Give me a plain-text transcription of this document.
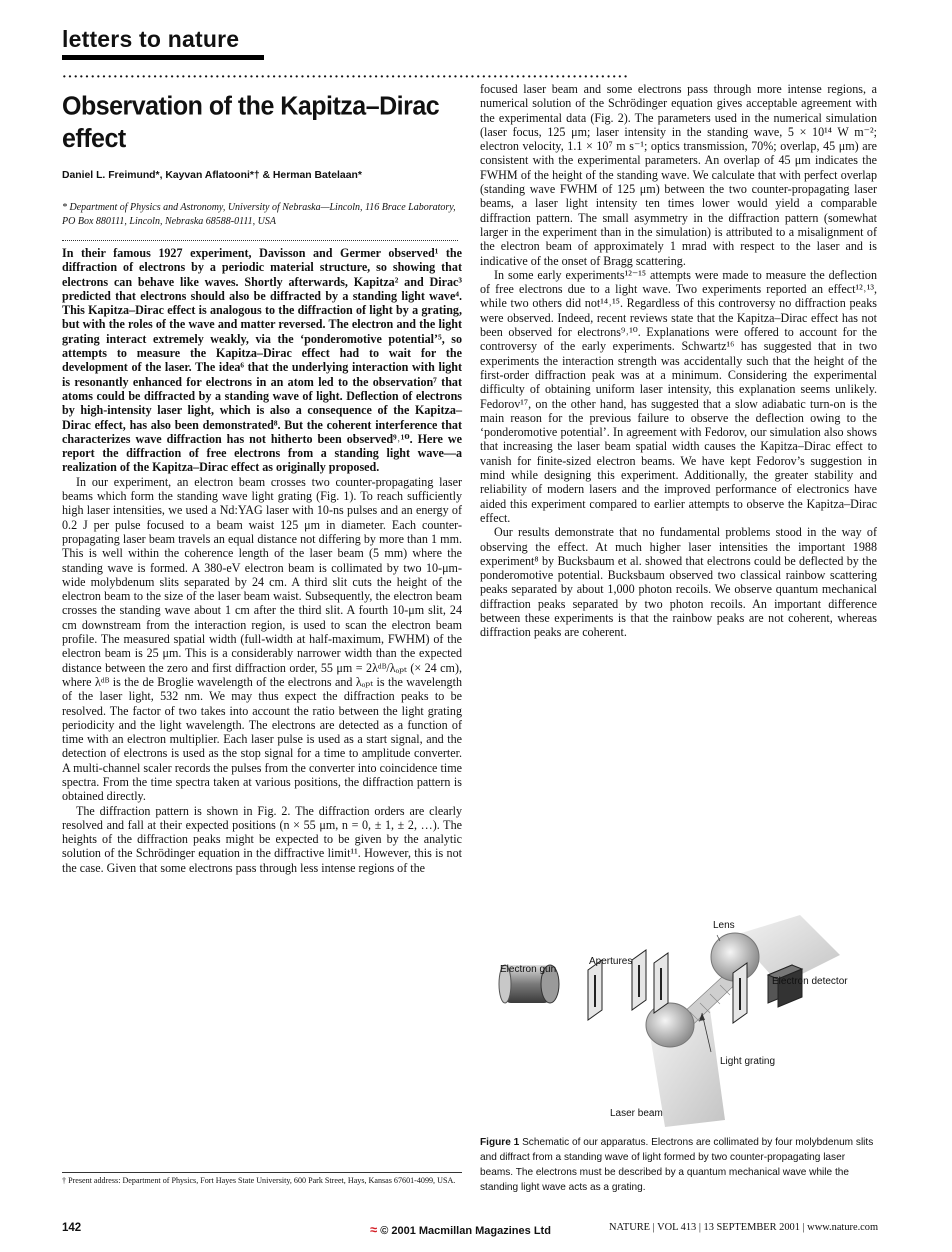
letters to nature
····································································································
Observation of the Kapitza–Dirac effect
Daniel L. Freimund*, Kayvan Aflatooni*† & Herman Batelaan*
* Department of Physics and Astronomy, University of Nebraska—Lincoln, 116 Brace Laboratory, PO Box 880111, Lincoln, Nebraska 68588-0111, USA

In their famous 1927 experiment, Davisson and Germer observed¹ the diffraction of electrons by a periodic material structure, so showing that electrons can behave like waves. Shortly afterwards, Kapitza² and Dirac³ predicted that electrons should also be diffracted by a standing light wave⁴. This Kapitza–Dirac effect is analogous to the diffraction of light by a grating, but with the roles of the wave and matter reversed. The electron and the light grating interact extremely weakly, via the ‘ponderomotive potential’⁵, so attempts to measure the Kapitza–Dirac effect had to wait for the development of the laser. The idea⁶ that the underlying interaction with light is resonantly enhanced for electrons in an atom led to the observation⁷ that atoms could be diffracted by a standing wave of light. Deflection of electrons by high-intensity laser light, which is also a consequence of the Kapitza–Dirac effect, has also been demonstrated⁸. But the coherent interference that characterizes wave diffraction has not hitherto been observed⁹˒¹⁰. Here we report the diffraction of free electrons from a standing light wave—a realization of the Kapitza–Dirac effect as originally proposed.

In our experiment, an electron beam crosses two counter-propagating laser beams which form the standing wave light grating (Fig. 1). To reach sufficiently high laser intensities, we used a Nd:YAG laser with 10-ns pulses and an energy of 0.2 J per pulse focused to a beam waist 125 μm in diameter. Each counter-propagating laser beam travels an equal distance not differing by more than 1 mm. This is well within the coherence length of the laser beam (5 mm) where the standing wave is formed. A 380-eV electron beam is collimated by two 10-μm-wide molybdenum slits separated by 24 cm. A third slit cuts the height of the electron beam to the size of the laser beam waist. Subsequently, the electron beam crosses the standing wave about 1 cm after the third slit. A fourth 10-μm slit, 24 cm downstream from the interaction region, is used to scan the electron beam profile. The measured spatial width (full-width at half-maximum, FWHM) of the electron beam is 25 μm. This is a considerably narrower width than the expected distance between the zero and first diffraction order, 55 μm = 2λᵈᴮ/λₒₚₜ (× 24 cm), where λᵈᴮ is the de Broglie wavelength of the electrons and λₒₚₜ is the wavelength of the laser light, 532 nm. We may thus expect the diffraction peaks to be resolved. The factor of two takes into account the ratio between the light grating periodicity and the light wavelength. The electrons are detected as a function of time with an electron multiplier. Each laser pulse is used as a start signal, and the detection of electrons is used as the stop signal for a time to amplitude converter. A multi-channel scaler records the pulses from the converter into coincidence time spectra. From the time spectra taken at various positions, the diffraction pattern is obtained directly.

The diffraction pattern is shown in Fig. 2. The diffraction orders are clearly resolved and fall at their expected positions (n × 55 μm, n = 0, ± 1, ± 2, …). The heights of the diffraction peaks might be expected to be given by the analytic solution of the Schrödinger equation in the diffractive limit¹¹. However, this is not the case. Given that some electrons pass through less intense regions of the

focused laser beam and some electrons pass through more intense regions, a numerical solution of the Schrödinger equation gives acceptable agreement with the experimental data (Fig. 2). The parameters used in the numerical simulation (laser focus, 125 μm; laser intensity in the standing wave, 5 × 10¹⁴ W m⁻²; electron velocity, 1.1 × 10⁷ m s⁻¹; optics transmission, 70%; overlap, 45 μm) are consistent with the experimental parameters. An overlap of 45 μm indicates the FWHM of the height of the standing wave. We calculate that with perfect overlap (standing wave FWHM of 125 μm) between the two counter-propagating laser beams, a laser light intensity ten times lower would yield a comparable diffraction pattern. The small asymmetry in the diffraction pattern (somewhat larger in the experiment than in the simulation) is attributed to a misalignment of the electron beam of approximately 1 mrad with respect to the laser and is indicative of the onset of Bragg scattering.

In some early experiments¹²⁻¹⁵ attempts were made to measure the deflection of free electrons due to a light wave. Two experiments reported an effect¹²˒¹³, while two others did not¹⁴˒¹⁵. Regardless of this controversy no diffraction peaks were observed. Indeed, recent reviews state that the Kapitza–Dirac effect has not been observed for electrons⁹˒¹⁰. Explanations were offered to account for the controversy of the early experiments. Schwartz¹⁶ has suggested that in two experiments the interaction strength was accidentally such that the height of the first-order diffraction peak was at a minimum. Considering the experimental difficulty of obtaining uniform laser intensity, this explanation seems unlikely. Fedorov¹⁷, on the other hand, has suggested that a slow adiabatic turn-on is the main reason for the previous failure to observe the deflection owing to the ‘ponderomotive potential’. In agreement with Fedorov, our simulation also shows that increasing the laser beam spatial width causes the Kapitza–Dirac effect to vanish for finite-sized electron beams. We have kept Fedorov’s suggestion in mind while designing this experiment. Additionally, the greater stability and reliability of modern lasers and the improved performance of electronics have aided this experiment compared to earlier attempts to observe the Kapitza–Dirac effect.

Our results demonstrate that no fundamental problems stood in the way of observing the effect. At much higher laser intensities the important 1988 experiment⁸ by Bucksbaum et al. showed that electrons could be deflected by the ponderomotive potential. Bucksbaum observed two classical rainbow scattering peaks separated by about 1,000 photon recoils. We observe quantum mechanical diffraction peaks separated by two photon recoils. An important difference between these experiments is that the rainbow peaks are not coherent, whereas diffraction peaks are coherent.

Lens
Apertures
Electron gun
Electron detector
Light grating
Laser beam
Figure 1 Schematic of our apparatus. Electrons are collimated by four molybdenum slits and diffract from a standing wave of light formed by two counter-propagating laser beams. The electrons must be described by a quantum mechanical wave while the standing light wave acts as a grating.
† Present address: Department of Physics, Fort Hayes State University, 600 Park Street, Hays, Kansas 67601-4099, USA.
142	≈ © 2001 Macmillan Magazines Ltd	NATURE | VOL 413 | 13 SEPTEMBER 2001 | www.nature.com
